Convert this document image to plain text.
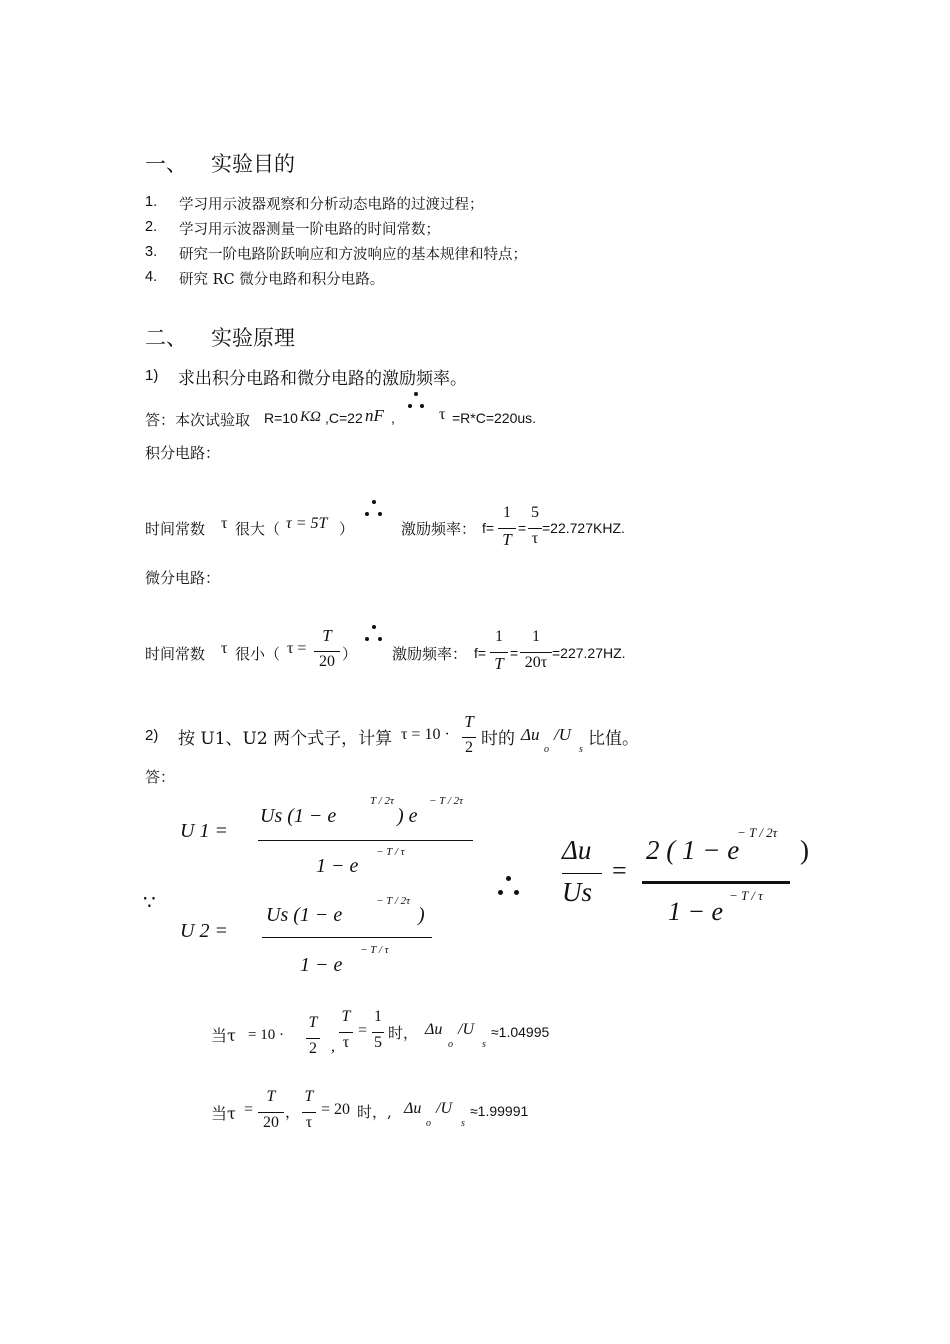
一、 实验目的
1. 学习用示波器观察和分析动态电路的过渡过程；
2. 学习用示波器测量一阶电路的时间常数；
3. 研究一阶电路阶跃响应和方波响应的基本规律和特点；
4. 研究 RC 微分电路和积分电路。
二、 实验原理
1) 求出积分电路和微分电路的激励频率。
答：本次试验取 R=10 KΩ ,C=22 nF ,	τ =R*C=220us.
积分电路：
时间常数 τ 很大（ τ = 5T ）	激励频率： f=
1
T
=
5
τ
=22.727KHZ.
微分电路：
时间常数 τ 很小（ τ =
T
20 ） 激励频率： f=
1
T
=
1
20τ
=227.27HZ.
2) 按 U1、U2 两个式子，计算 τ = 10 ·
T
2 时的 Δu
o
/U
s
比值。
答：
∵
U 1 =
Us (1 − e
T / 2τ
) e
− T / 2τ
1 − e
− T / τ
U 2 =
Us (1 − e
− T / 2τ
)
1 − e
− T / τ
Δu
Us
=
2 ( 1 − e
− T / 2τ
)
1 − e
− T / τ
当τ = 10 ·
T
2 ,
T
τ
=
1
5
时， Δu
o
/U
s
≈1.04995
当τ =
T
20
，
T
τ
= 20 时，, Δu
o
/U
s
≈1.99991
